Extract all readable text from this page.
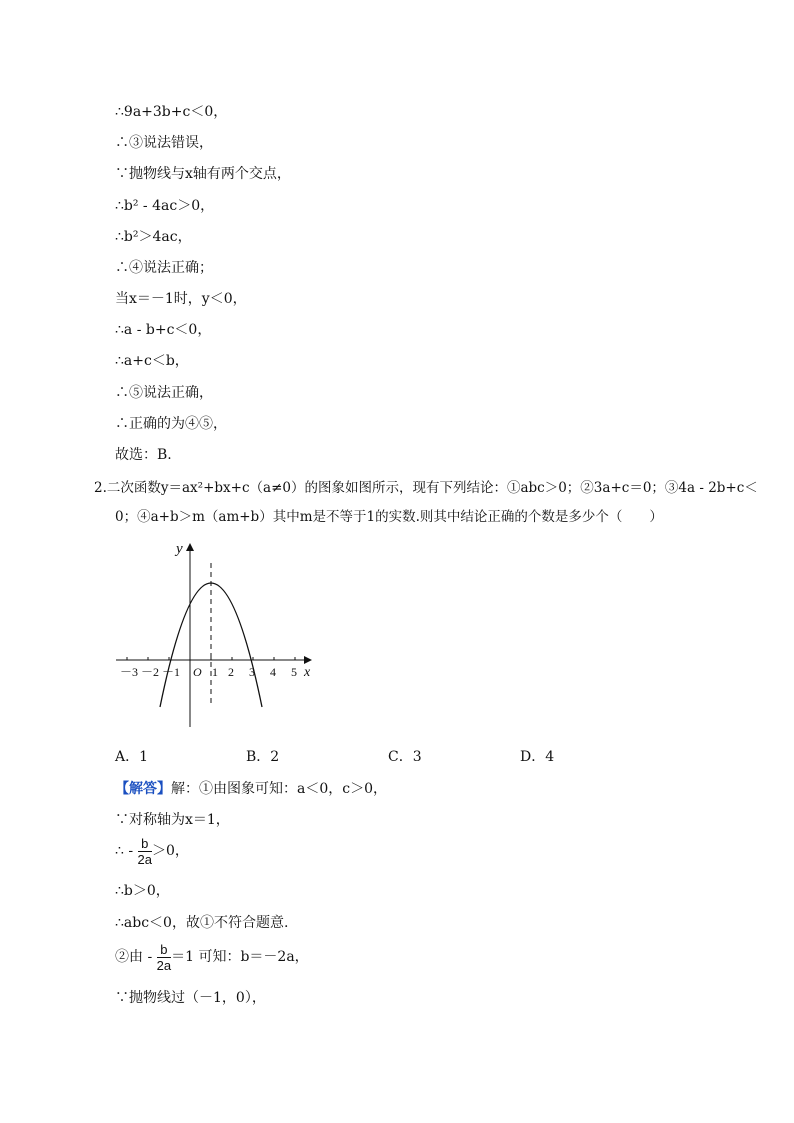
∴9a+3b+c＜0，
∴③说法错误，
∵抛物线与x轴有两个交点，
∴b² - 4ac＞0，
∴b²＞4ac，
∴④说法正确；
当x＝－1时，y＜0，
∴a - b+c＜0，
∴a+c＜b，
∴⑤说法正确，
∴正确的为④⑤，
故选：B.
2.二次函数y＝ax²+bx+c（a≠0）的图象如图所示，现有下列结论：①abc＞0；②3a+c＝0；③4a - 2b+c＜
0；④a+b＞m（am+b）其中m是不等于1的实数.则其中结论正确的个数是多少个（　　）
－3 －2 －1	1 2 3 4 5
O	x
y
A．1	B．2	C．3	D．4
【解答】解：①由图象可知：a＜0，c＞0，
∵对称轴为x＝1，
∴ - $\frac{b}{2a} >0$，
∴b＞0，
∴abc＜0，故①不符合题意.
②由 - $\frac{b}{2a} =1$ 可知：b＝－2a，
∵抛物线过（－1，0），
